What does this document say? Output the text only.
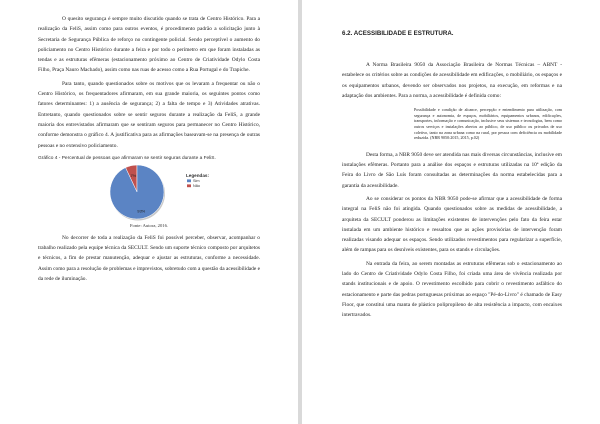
O quesito segurança é sempre muito discutido quando se trata de Centro Histórico. Para a realização da FeliS, assim como para outros eventos, é procedimento padrão a solicitação junto à Secretaria de Segurança Pública de reforço no contingente policial. Sendo perceptível o aumento do policiamento no Centro Histórico durante a feira e por todo o perímetro em que foram instaladas as tendas e as estruturas efêmeras (estacionamento próximo ao Centro de Criatividade Odylo Costa Filho, Praça Nauro Machado), assim como nas ruas de acesso como a Rua Portugal e do Trapiche.

Para tanto, quando questionados sobre os motivos que os levaram a frequentar ou não o Centro Histórico, os frequentadores afirmaram, em sua grande maioria, os seguintes pontos como fatores determinantes: 1) a ausência de segurança; 2) a falta de tempo e 3) Atividades atrativas. Entretanto, quando questionados sobre se sentir seguros durante a realização da FeliS, a grande maioria dos entrevistados afirmaram que se sentiram seguros para permanecer no Centro Histórico, conforme demonstra o gráfico 4. A justificativa para as afirmações baseavam-se na presença de outras pessoas e no extensivo policiamento.

Gráfico 4 - Percentual de pessoas que afirmaram se sentir seguras durante a FeliS.
7%
93%
Legendas:
Sim
Não
Fonte: Autora, 2016.

No decorrer de toda a realização da FeliS foi possível perceber, observar, acompanhar o trabalho realizado pela equipe técnica da SECULT. Sendo um suporte técnico composto por arquitetos e técnicos, a fim de prestar manutenção, adequar e ajustar as estruturas, conforme a necessidade. Assim como para a resolução de problemas e imprevistos, sobretudo com a questão da acessibilidade e da rede de iluminação.

6.2. ACESSIBILIDADE E ESTRUTURA.

A Norma Brasileira 9050 da Associação Brasileira de Normas Técnicas – ABNT - estabelece os critérios sobre as condições de acessibilidade em edificações, o mobiliário, os espaços e os equipamentos urbanos, devendo ser observados nos projetos, na execução, em reformas e na adaptação dos ambientes. Para a norma, a acessibilidade é definida como:

Possibilidade e condição de alcance, percepção e entendimento para utilização, com segurança e autonomia, de espaços, mobiliários, equipamentos urbanos, edificações, transportes, informação e comunicação, inclusive seus sistemas e tecnologias, bem como outros serviços e instalações abertos ao público, de uso público ou privados de uso coletivo, tanto na zona urbana como na rural, por pessoa com deficiência ou mobilidade reduzida. (NBR 9050:2015, 2015, p.02)

Desta forma, a NBR 9050 deve ser atendida nas mais diversas circunstâncias, inclusive em instalações efêmeras. Portanto para a análise dos espaços e estruturas utilizadas na 10ª edição da Feira do Livro de São Luís foram consultadas as determinações da norma estabelecidas para a garantia da acessibilidade.

Ao se considerar os pontos da NBR 9050 pode-se afirmar que a acessibilidade de forma integral na FeliS não foi atingida. Quando questionados sobre as medidas de acessibilidade, a arquiteta da SECULT ponderou as limitações existentes de intervenções pelo fato da feira estar instalada em um ambiente histórico e ressaltou que as ações provisórias de intervenção foram realizadas visando adequar os espaços. Sendo utilizados revestimentos para regularizar a superfície, além de rampas para os desníveis existentes, para os stands e circulações.

Na entrada da feira, ao serem montadas as estruturas efêmeras sob o estacionamento ao lado do Centro de Criatividade Odylo Costa Filho, foi criada uma área de vivência realizada por stands institucionais e de apoio. O revestimento escolhido para cobrir o revestimento asfáltico do estacionamento e parte das pedras portuguesas próximas ao espaço "Pé-do-Livro" é chamado de Easy Floor, que constitui uma manta de plástico polipropileno de alta resistência a impacto, com encaixes intertravados.
